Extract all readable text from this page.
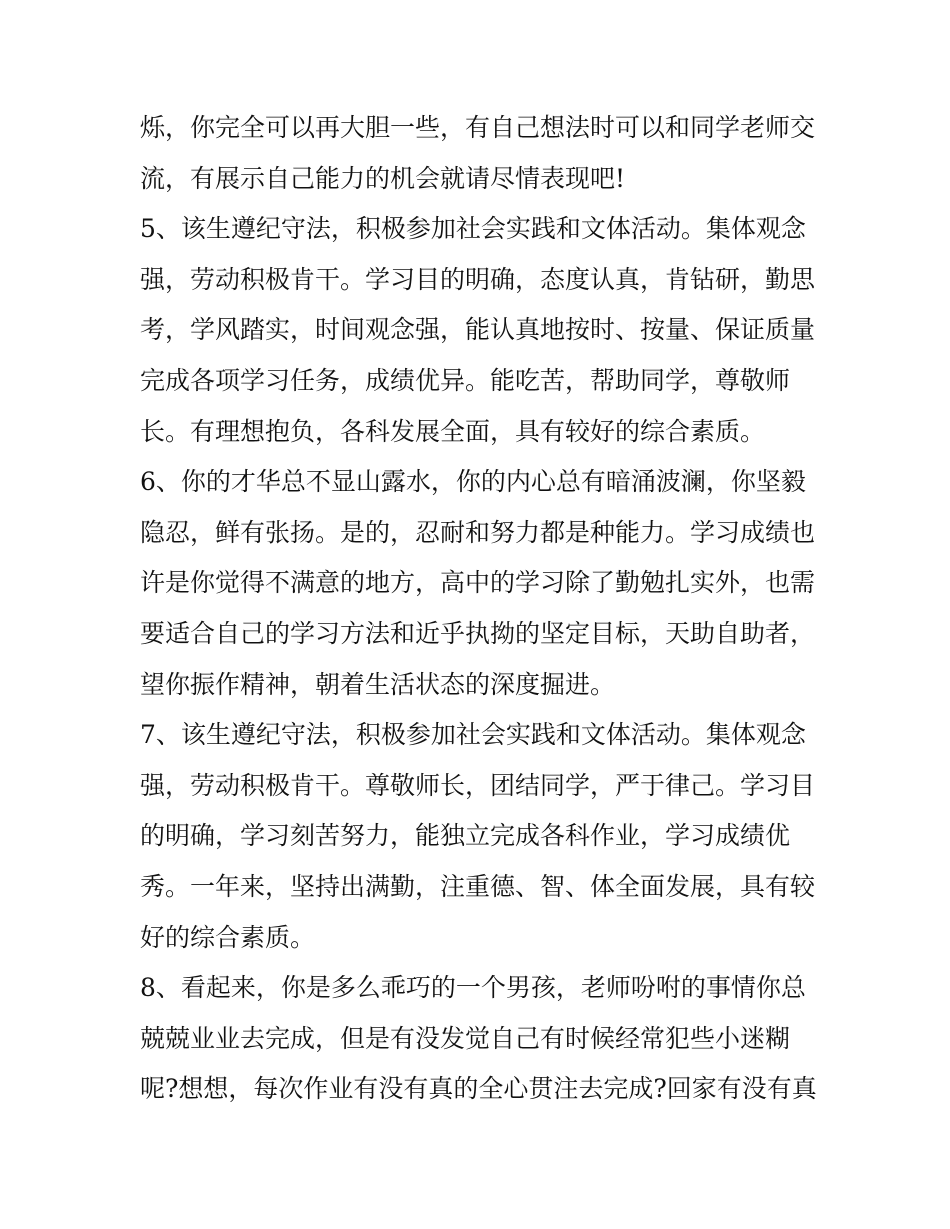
烁，你完全可以再大胆一些，有自己想法时可以和同学老师交
流，有展示自己能力的机会就请尽情表现吧!
5、该生遵纪守法，积极参加社会实践和文体活动。集体观念
强，劳动积极肯干。学习目的明确，态度认真，肯钻研，勤思
考，学风踏实，时间观念强，能认真地按时、按量、保证质量
完成各项学习任务，成绩优异。能吃苦，帮助同学，尊敬师
长。有理想抱负，各科发展全面，具有较好的综合素质。
6、你的才华总不显山露水，你的内心总有暗涌波澜，你坚毅
隐忍，鲜有张扬。是的，忍耐和努力都是种能力。学习成绩也
许是你觉得不满意的地方，高中的学习除了勤勉扎实外，也需
要适合自己的学习方法和近乎执拗的坚定目标，天助自助者，
望你振作精神，朝着生活状态的深度掘进。
7、该生遵纪守法，积极参加社会实践和文体活动。集体观念
强，劳动积极肯干。尊敬师长，团结同学，严于律己。学习目
的明确，学习刻苦努力，能独立完成各科作业，学习成绩优
秀。一年来，坚持出满勤，注重德、智、体全面发展，具有较
好的综合素质。
8、看起来，你是多么乖巧的一个男孩，老师吩咐的事情你总
兢兢业业去完成，但是有没发觉自己有时候经常犯些小迷糊
呢?想想，每次作业有没有真的全心贯注去完成?回家有没有真
